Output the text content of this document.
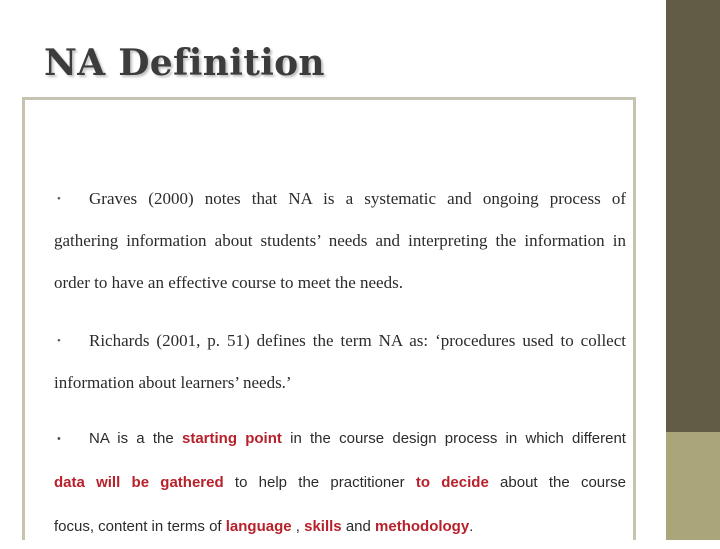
NA Definition
• Graves (2000) notes that NA is a systematic and ongoing process of
gathering information about students’ needs and interpreting the information in
order to have an effective course to meet the needs.
• Richards (2001, p. 51) defines the term NA as: ‘procedures used to collect
information about learners’ needs.’
•	NA is a the starting point in the course design process in which different
data will be gathered to help the practitioner to decide about the course
focus, content in terms of language , skills and methodology.
